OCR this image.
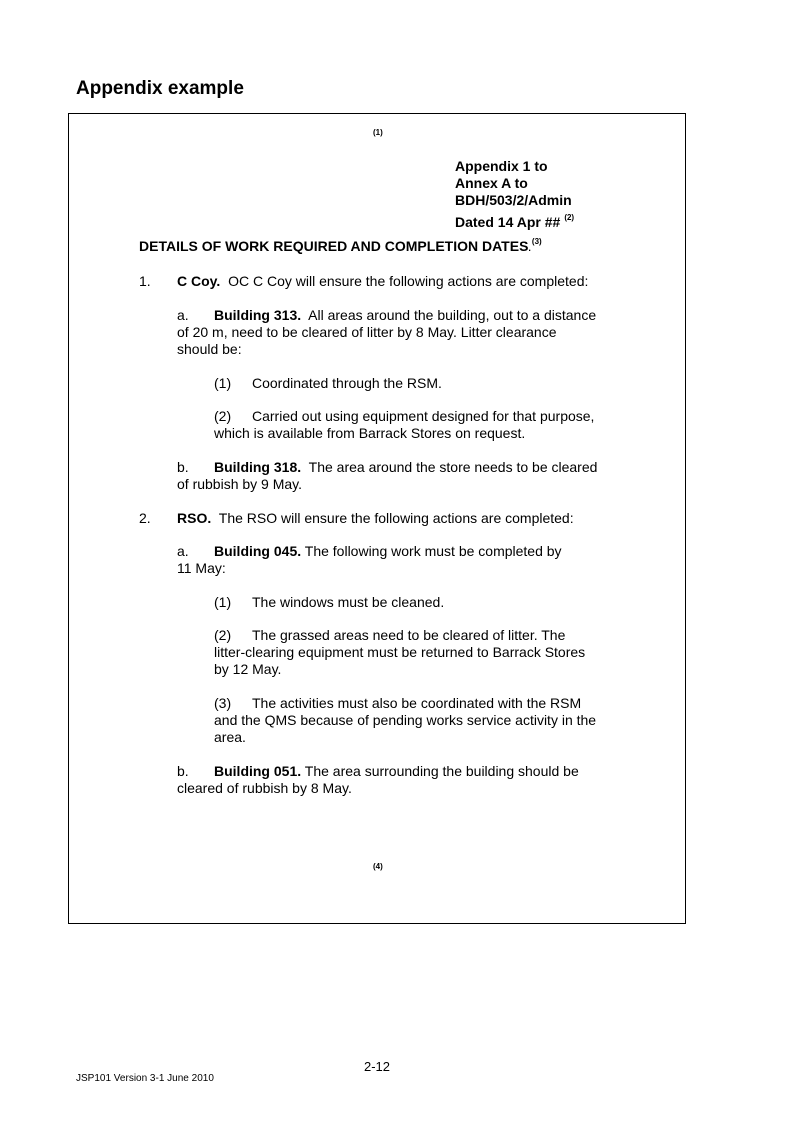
Appendix example
(1)
Appendix 1 to
Annex A to
BDH/503/2/Admin
Dated 14 Apr ## $^{(2)}$
DETAILS OF WORK REQUIRED AND COMPLETION DATES.$^{(3)}$
1. C Coy. OC C Coy will ensure the following actions are completed:
a. Building 313. All areas around the building, out to a distance
of 20 m, need to be cleared of litter by 8 May. Litter clearance
should be:
(1) Coordinated through the RSM.
(2) Carried out using equipment designed for that purpose,
which is available from Barrack Stores on request.
b. Building 318. The area around the store needs to be cleared
of rubbish by 9 May.
2. RSO. The RSO will ensure the following actions are completed:
a. Building 045. The following work must be completed by
11 May:
(1) The windows must be cleaned.
(2) The grassed areas need to be cleared of litter. The
litter-clearing equipment must be returned to Barrack Stores
by 12 May.
(3) The activities must also be coordinated with the RSM
and the QMS because of pending works service activity in the
area.
b. Building 051. The area surrounding the building should be
cleared of rubbish by 8 May.
(4)
2-12
JSP101 Version 3-1 June 2010
